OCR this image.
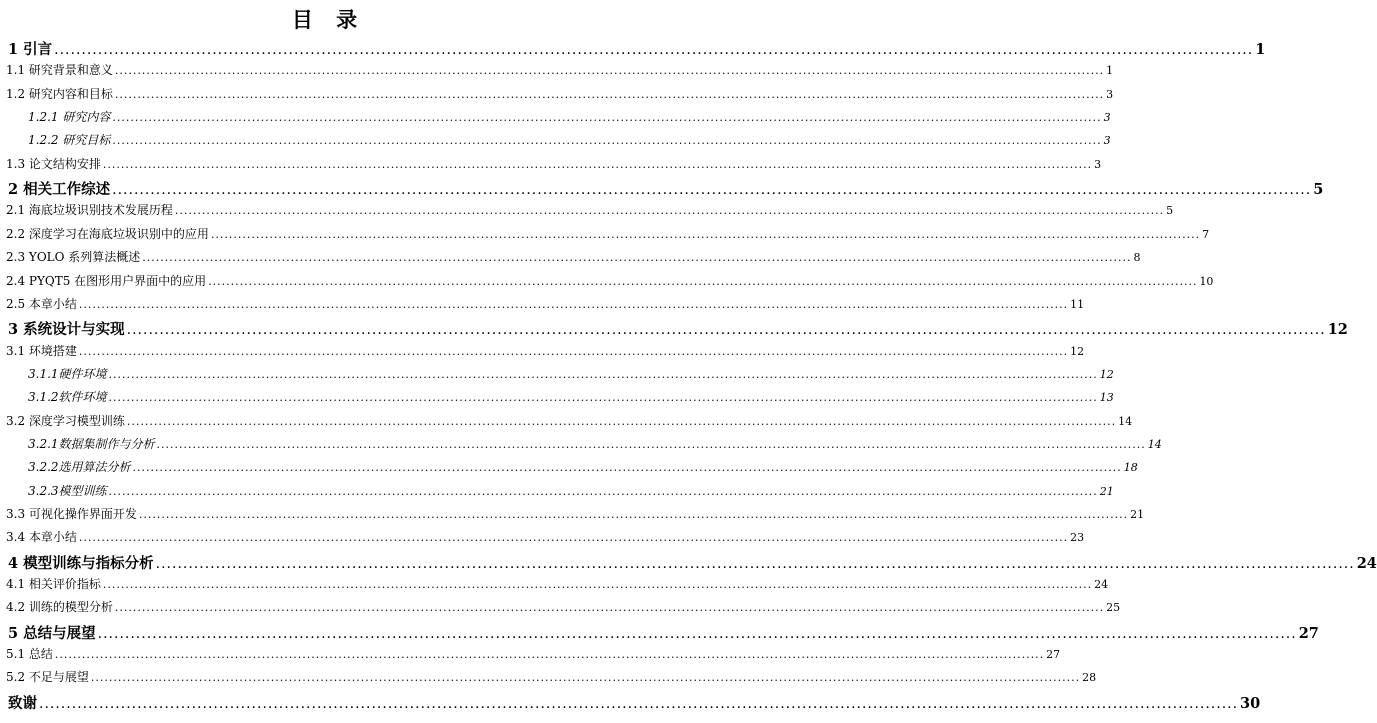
目 录
1 引言 ............................................................................................................................................................................................................................ 1
1.1 研究背景和意义 ............................................................................................................................................................................................................................ 1
1.2 研究内容和目标 ............................................................................................................................................................................................................................ 3
1.2.1 研究内容 ............................................................................................................................................................................................................................ 3
1.2.2 研究目标 ............................................................................................................................................................................................................................ 3
1.3 论文结构安排 ............................................................................................................................................................................................................................ 3
2 相关工作综述 ............................................................................................................................................................................................................................ 5
2.1 海底垃圾识别技术发展历程 ............................................................................................................................................................................................................................ 5
2.2 深度学习在海底垃圾识别中的应用 ............................................................................................................................................................................................................................ 7
2.3 YOLO 系列算法概述 ............................................................................................................................................................................................................................ 8
2.4 PYQT5 在图形用户界面中的应用 ............................................................................................................................................................................................................................ 10
2.5 本章小结 ............................................................................................................................................................................................................................ 11
3 系统设计与实现 ............................................................................................................................................................................................................................ 12
3.1 环境搭建 ............................................................................................................................................................................................................................ 12
3.1.1硬件环境 ............................................................................................................................................................................................................................ 12
3.1.2软件环境 ............................................................................................................................................................................................................................ 13
3.2 深度学习模型训练 ............................................................................................................................................................................................................................ 14
3.2.1数据集制作与分析 ............................................................................................................................................................................................................................ 14
3.2.2选用算法分析 ............................................................................................................................................................................................................................ 18
3.2.3模型训练 ............................................................................................................................................................................................................................ 21
3.3 可视化操作界面开发 ............................................................................................................................................................................................................................ 21
3.4 本章小结 ............................................................................................................................................................................................................................ 23
4 模型训练与指标分析 ............................................................................................................................................................................................................................ 24
4.1 相关评价指标 ............................................................................................................................................................................................................................ 24
4.2 训练的模型分析 ............................................................................................................................................................................................................................ 25
5 总结与展望 ............................................................................................................................................................................................................................ 27
5.1 总结 ............................................................................................................................................................................................................................ 27
5.2 不足与展望 ............................................................................................................................................................................................................................ 28
致谢 ............................................................................................................................................................................................................................ 30
